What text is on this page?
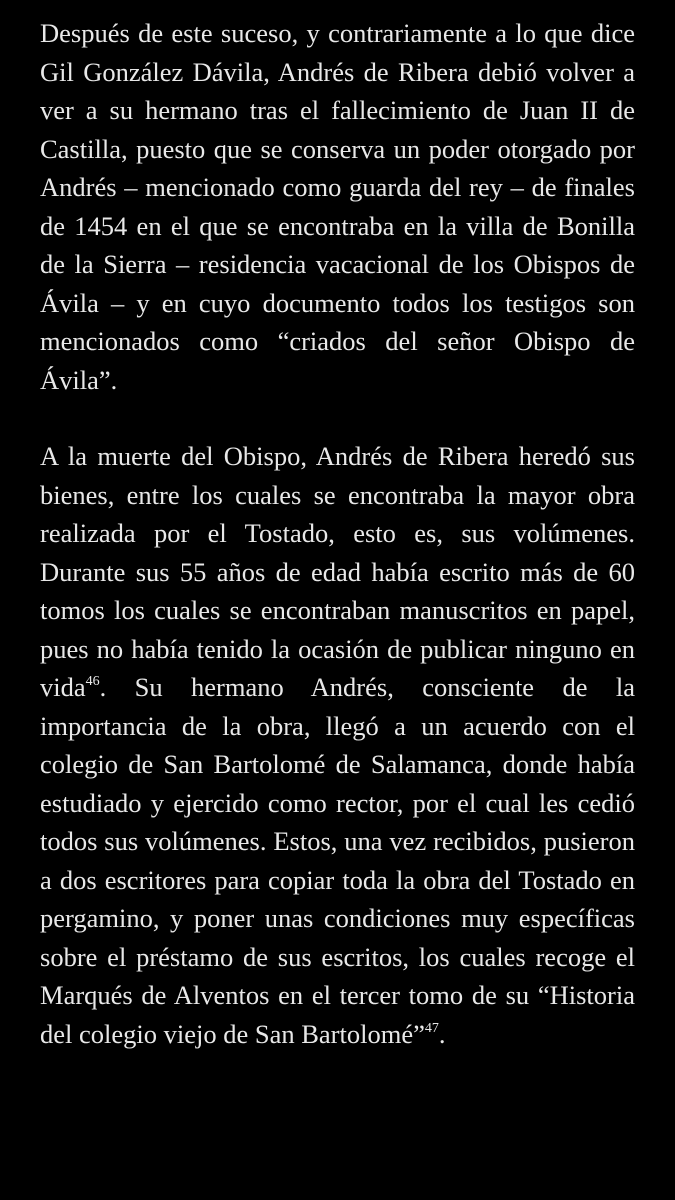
Después de este suceso, y contrariamente a lo que dice Gil González Dávila, Andrés de Ribera debió volver a ver a su hermano tras el fallecimiento de Juan II de Castilla, puesto que se conserva un poder otorgado por Andrés – mencionado como guarda del rey – de finales de 1454 en el que se encontraba en la villa de Bonilla de la Sierra – residencia vacacional de los Obispos de Ávila – y en cuyo documento todos los testigos son mencionados como “criados del señor Obispo de Ávila”.

A la muerte del Obispo, Andrés de Ribera heredó sus bienes, entre los cuales se encontraba la mayor obra realizada por el Tostado, esto es, sus volúmenes. Durante sus 55 años de edad había escrito más de 60 tomos los cuales se encontraban manuscritos en papel, pues no había tenido la ocasión de publicar ninguno en vida$^{46}$. Su hermano Andrés, consciente de la importancia de la obra, llegó a un acuerdo con el colegio de San Bartolomé de Salamanca, donde había estudiado y ejercido como rector, por el cual les cedió todos sus volúmenes. Estos, una vez recibidos, pusieron a dos escritores para copiar toda la obra del Tostado en pergamino, y poner unas condiciones muy específicas sobre el préstamo de sus escritos, los cuales recoge el Marqués de Alventos en el tercer tomo de su “Historia del colegio viejo de San Bartolomé”$^{47}$.
